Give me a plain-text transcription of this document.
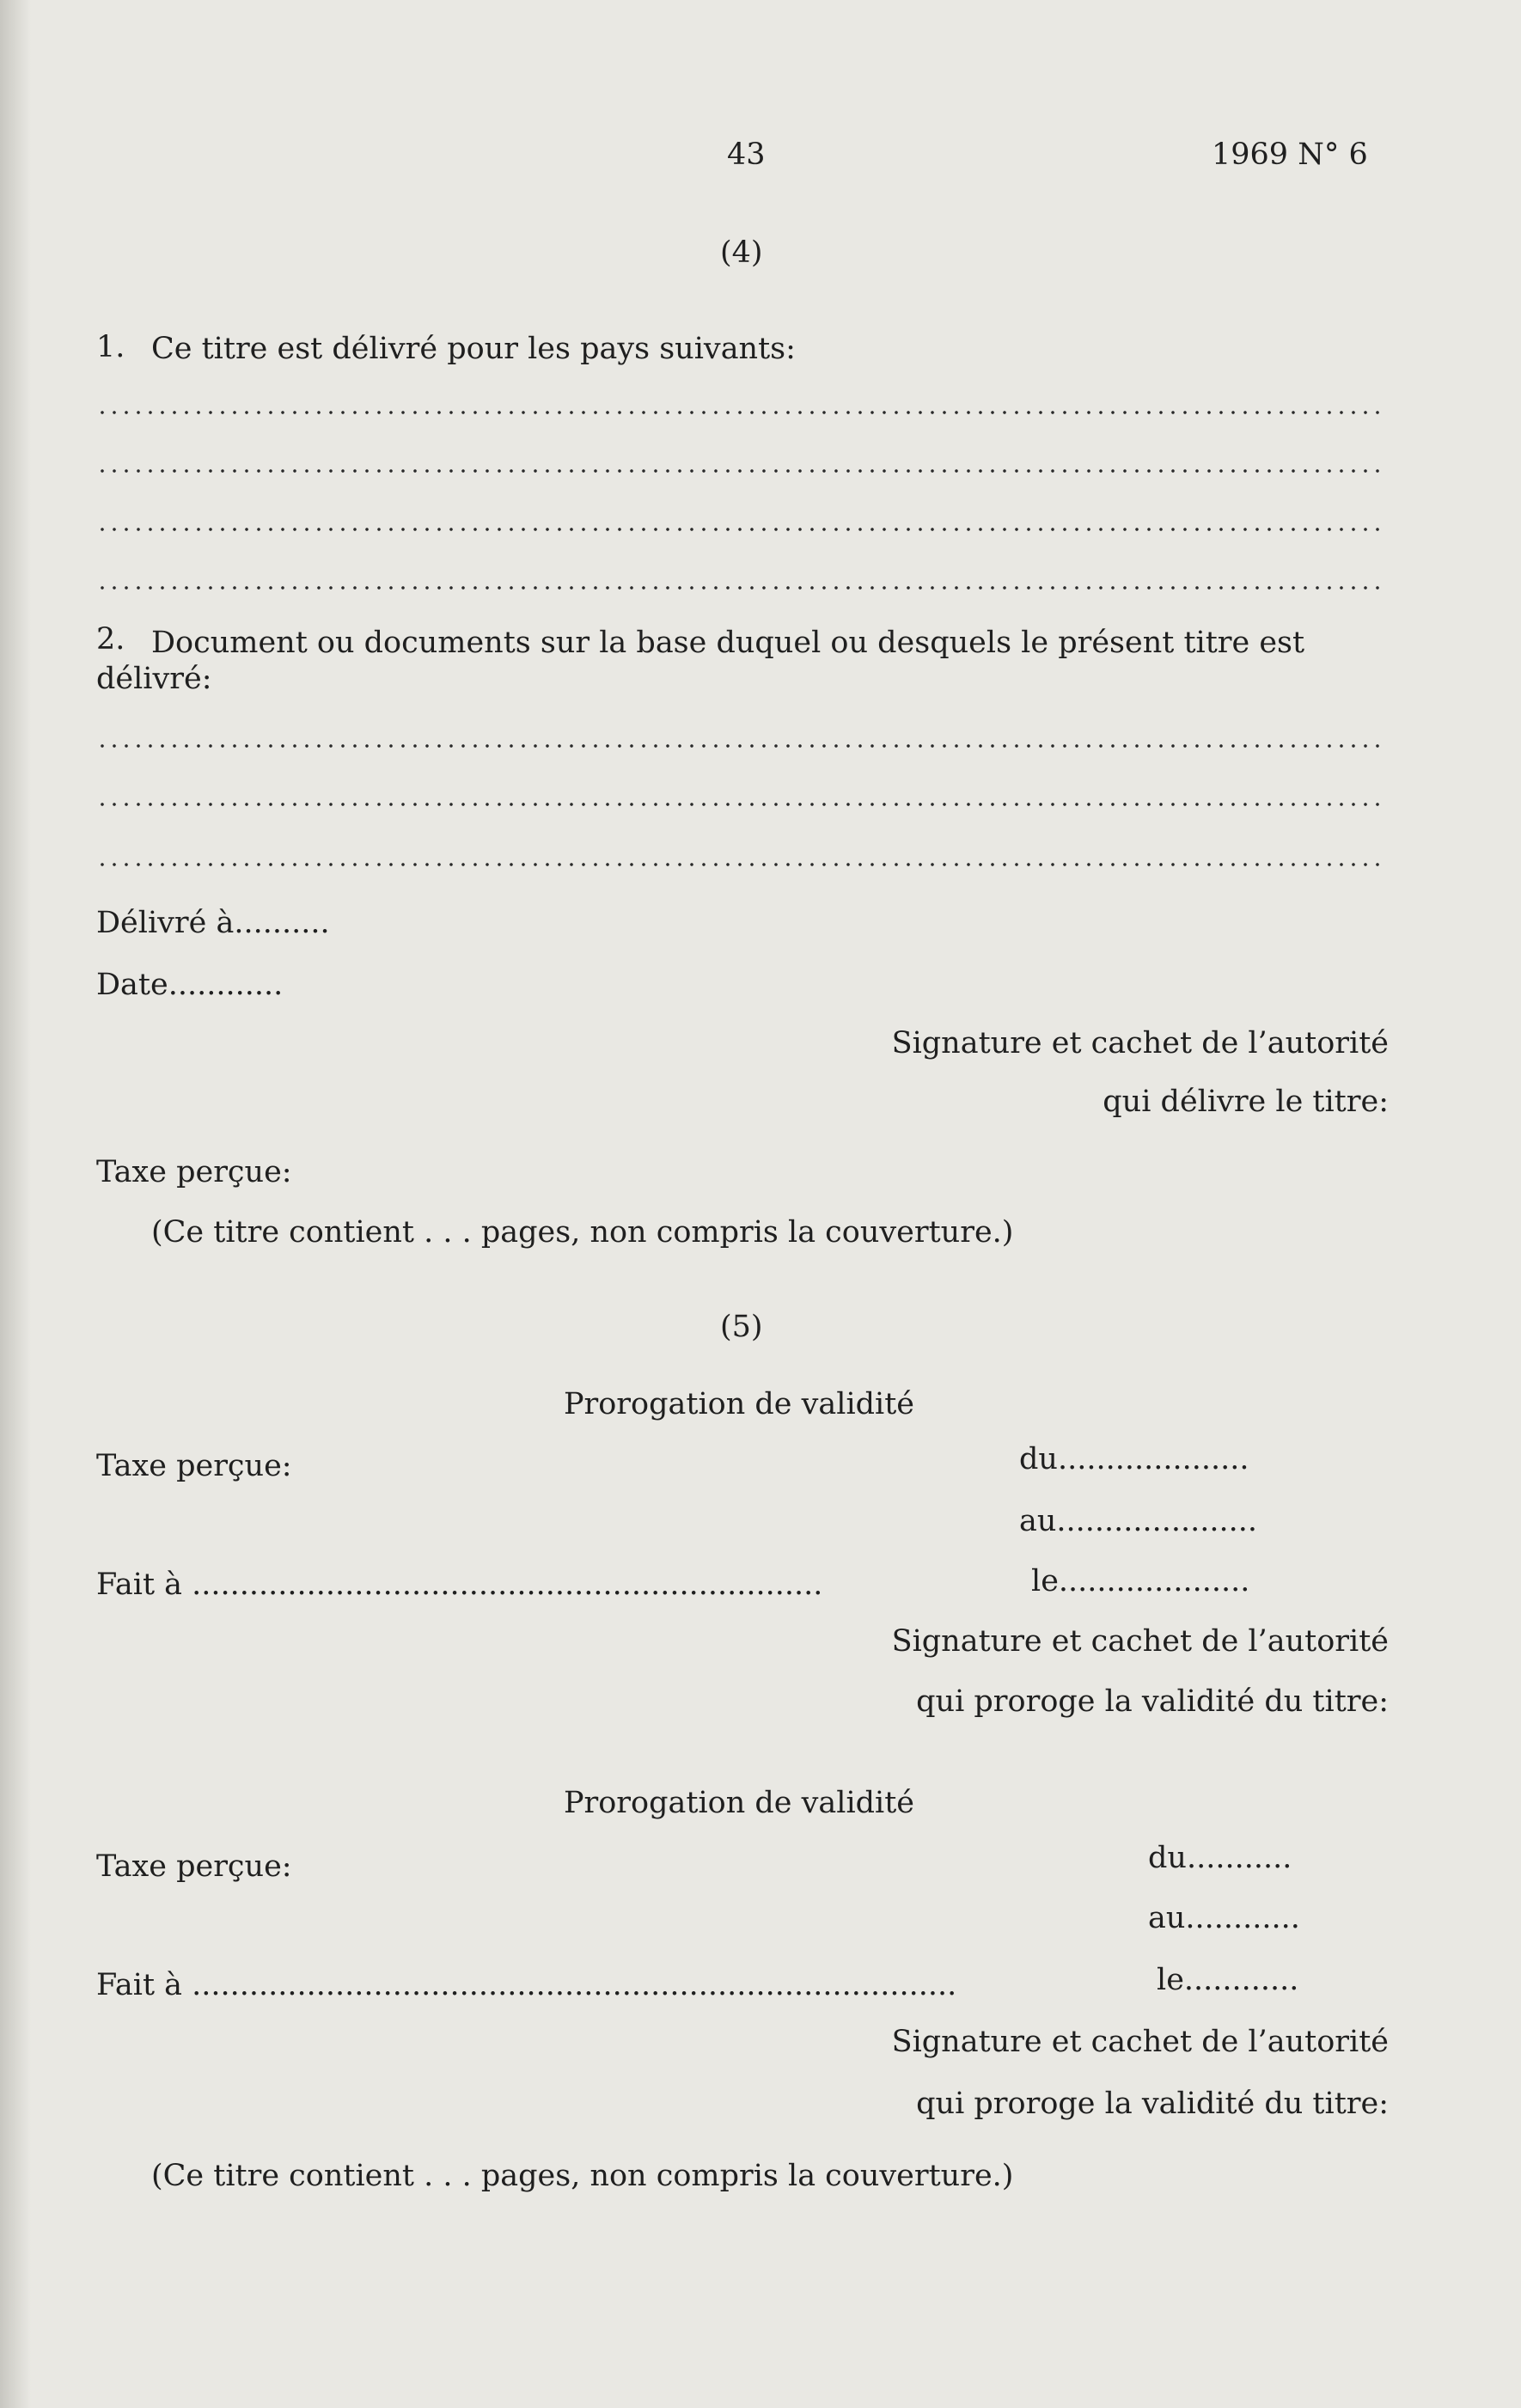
43	1969 N° 6
(4)
1. Ce titre est délivré pour les pays suivants:
2. Document ou documents sur la base duquel ou desquels le présent titre est
délivré:
Délivré à..........
Date............
Signature et cachet de l’autorité
qui délivre le titre:
Taxe perçue:
(Ce titre contient . . . pages, non compris la couverture.)
(5)
Prorogation de validité
Taxe perçue:	du....................
au.....................
Fait à ..................................................................	le....................
Signature et cachet de l’autorité
qui proroge la validité du titre:
Prorogation de validité
Taxe perçue:	du...........
au............
Fait à ................................................................................	le............
Signature et cachet de l’autorité
qui proroge la validité du titre:
(Ce titre contient . . . pages, non compris la couverture.)
